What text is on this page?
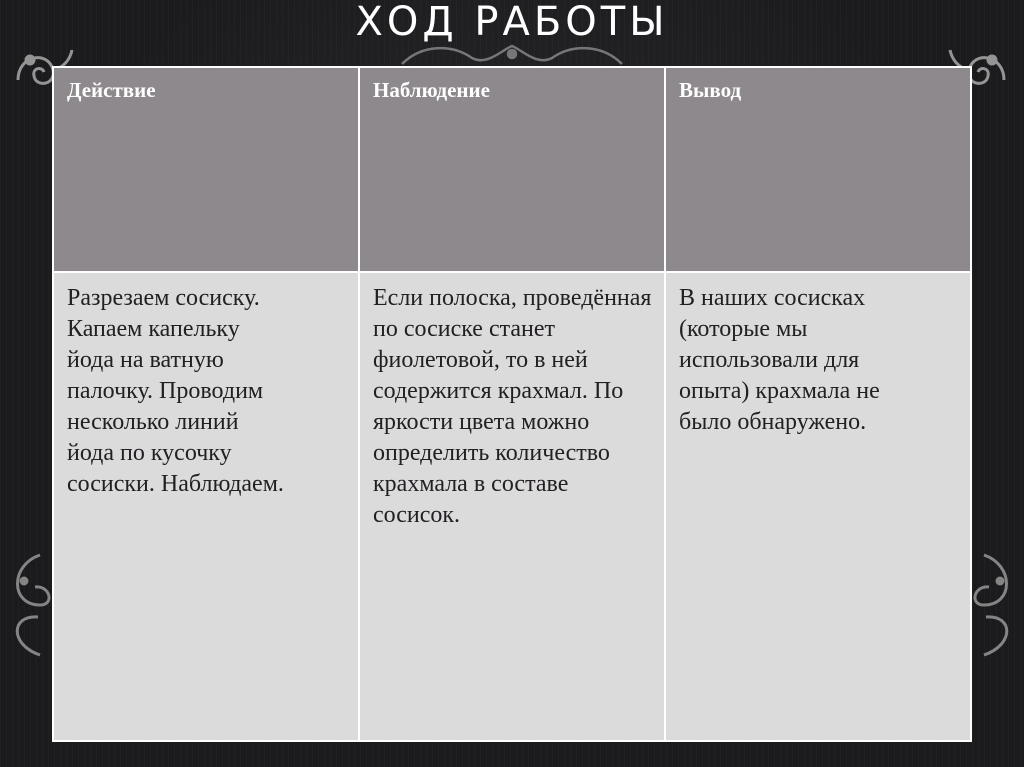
ХОД РАБОТЫ
Действие	Наблюдение	Вывод

Разрезаем сосиску. Капаем капельку йода на ватную палочку. Проводим несколько линий йода по кусочку сосиски. Наблюдаем.	Если полоска, проведённая по сосиске станет фиолетовой, то в ней содержится крахмал. По яркости цвета можно определить количество крахмала в составе сосисок.	В наших сосисках (которые мы использовали для опыта) крахмала не было обнаружено.
